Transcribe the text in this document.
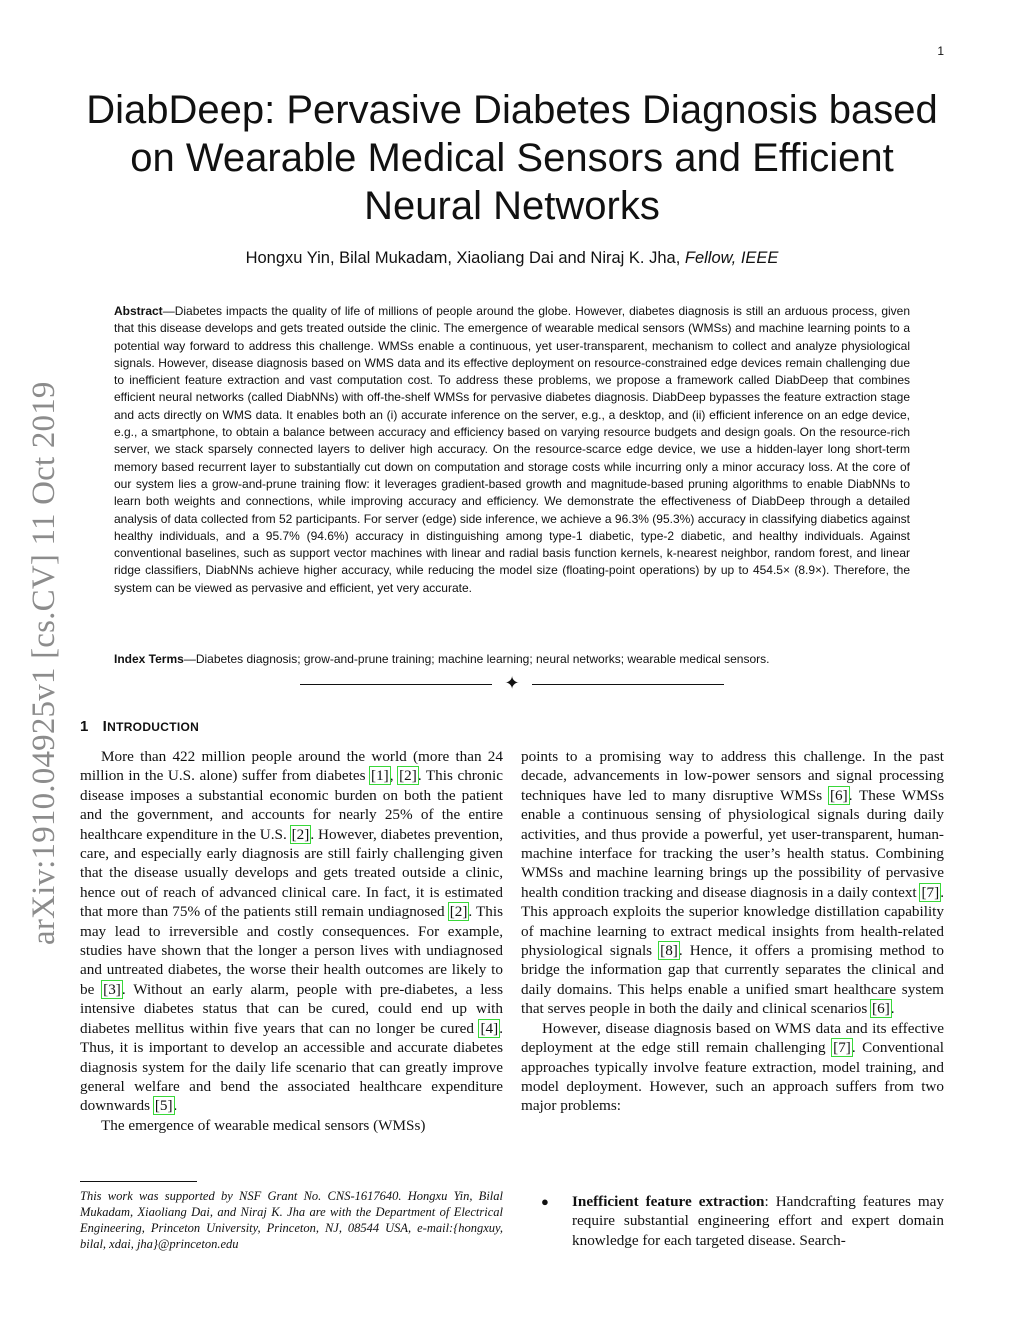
1
arXiv:1910.04925v1 [cs.CV] 11 Oct 2019
DiabDeep: Pervasive Diabetes Diagnosis based
on Wearable Medical Sensors and Efficient
Neural Networks
Hongxu Yin, Bilal Mukadam, Xiaoliang Dai and Niraj K. Jha, Fellow, IEEE

Abstract—Diabetes impacts the quality of life of millions of people around the globe. However, diabetes diagnosis is still an arduous process, given that this disease develops and gets treated outside the clinic. The emergence of wearable medical sensors (WMSs) and machine learning points to a potential way forward to address this challenge. WMSs enable a continuous, yet user-transparent, mechanism to collect and analyze physiological signals. However, disease diagnosis based on WMS data and its effective deployment on resource-constrained edge devices remain challenging due to inefficient feature extraction and vast computation cost. To address these problems, we propose a framework called DiabDeep that combines efficient neural networks (called DiabNNs) with off-the-shelf WMSs for pervasive diabetes diagnosis. DiabDeep bypasses the feature extraction stage and acts directly on WMS data. It enables both an (i) accurate inference on the server, e.g., a desktop, and (ii) efficient inference on an edge device, e.g., a smartphone, to obtain a balance between accuracy and efficiency based on varying resource budgets and design goals. On the resource-rich server, we stack sparsely connected layers to deliver high accuracy. On the resource-scarce edge device, we use a hidden-layer long short-term memory based recurrent layer to substantially cut down on computation and storage costs while incurring only a minor accuracy loss. At the core of our system lies a grow-and-prune training flow: it leverages gradient-based growth and magnitude-based pruning algorithms to enable DiabNNs to learn both weights and connections, while improving accuracy and efficiency. We demonstrate the effectiveness of DiabDeep through a detailed analysis of data collected from 52 participants. For server (edge) side inference, we achieve a 96.3% (95.3%) accuracy in classifying diabetics against healthy individuals, and a 95.7% (94.6%) accuracy in distinguishing among type-1 diabetic, type-2 diabetic, and healthy individuals. Against conventional baselines, such as support vector machines with linear and radial basis function kernels, k-nearest neighbor, random forest, and linear ridge classifiers, DiabNNs achieve higher accuracy, while reducing the model size (floating-point operations) by up to 454.5× (8.9×). Therefore, the system can be viewed as pervasive and efficient, yet very accurate.

Index Terms—Diabetes diagnosis; grow-and-prune training; machine learning; neural networks; wearable medical sensors.

✦
1 INTRODUCTION

More than 422 million people around the world (more than 24 million in the U.S. alone) suffer from diabetes [1], [2]. This chronic disease imposes a substantial economic burden on both the patient and the government, and accounts for nearly 25% of the entire healthcare expenditure in the U.S. [2]. However, diabetes prevention, care, and especially early diagnosis are still fairly challenging given that the disease usually develops and gets treated outside a clinic, hence out of reach of advanced clinical care. In fact, it is estimated that more than 75% of the patients still remain undiagnosed [2]. This may lead to irreversible and costly consequences. For example, studies have shown that the longer a person lives with undiagnosed and untreated diabetes, the worse their health outcomes are likely to be [3]. Without an early alarm, people with pre-diabetes, a less intensive diabetes status that can be cured, could end up with diabetes mellitus within five years that can no longer be cured [4]. Thus, it is important to develop an accessible and accurate diabetes diagnosis system for the daily life scenario that can greatly improve general welfare and bend the associated healthcare expenditure downwards [5].

The emergence of wearable medical sensors (WMSs)

This work was supported by NSF Grant No. CNS-1617640. Hongxu Yin, Bilal Mukadam, Xiaoliang Dai, and Niraj K. Jha are with the Department of Electrical Engineering, Princeton University, Princeton, NJ, 08544 USA, e-mail:{hongxuy, bilal, xdai, jha}@princeton.edu

points to a promising way to address this challenge. In the past decade, advancements in low-power sensors and signal processing techniques have led to many disruptive WMSs [6]. These WMSs enable a continuous sensing of physiological signals during daily activities, and thus provide a powerful, yet user-transparent, human-machine interface for tracking the user’s health status. Combining WMSs and machine learning brings up the possibility of pervasive health condition tracking and disease diagnosis in a daily context [7]. This approach exploits the superior knowledge distillation capability of machine learning to extract medical insights from health-related physiological signals [8]. Hence, it offers a promising method to bridge the information gap that currently separates the clinical and daily domains. This helps enable a unified smart healthcare system that serves people in both the daily and clinical scenarios [6].

However, disease diagnosis based on WMS data and its effective deployment at the edge still remain challenging [7]. Conventional approaches typically involve feature extraction, model training, and model deployment. However, such an approach suffers from two major problems:

● Inefficient feature extraction: Handcrafting features may require substantial engineering effort and expert domain knowledge for each targeted disease. Search-
